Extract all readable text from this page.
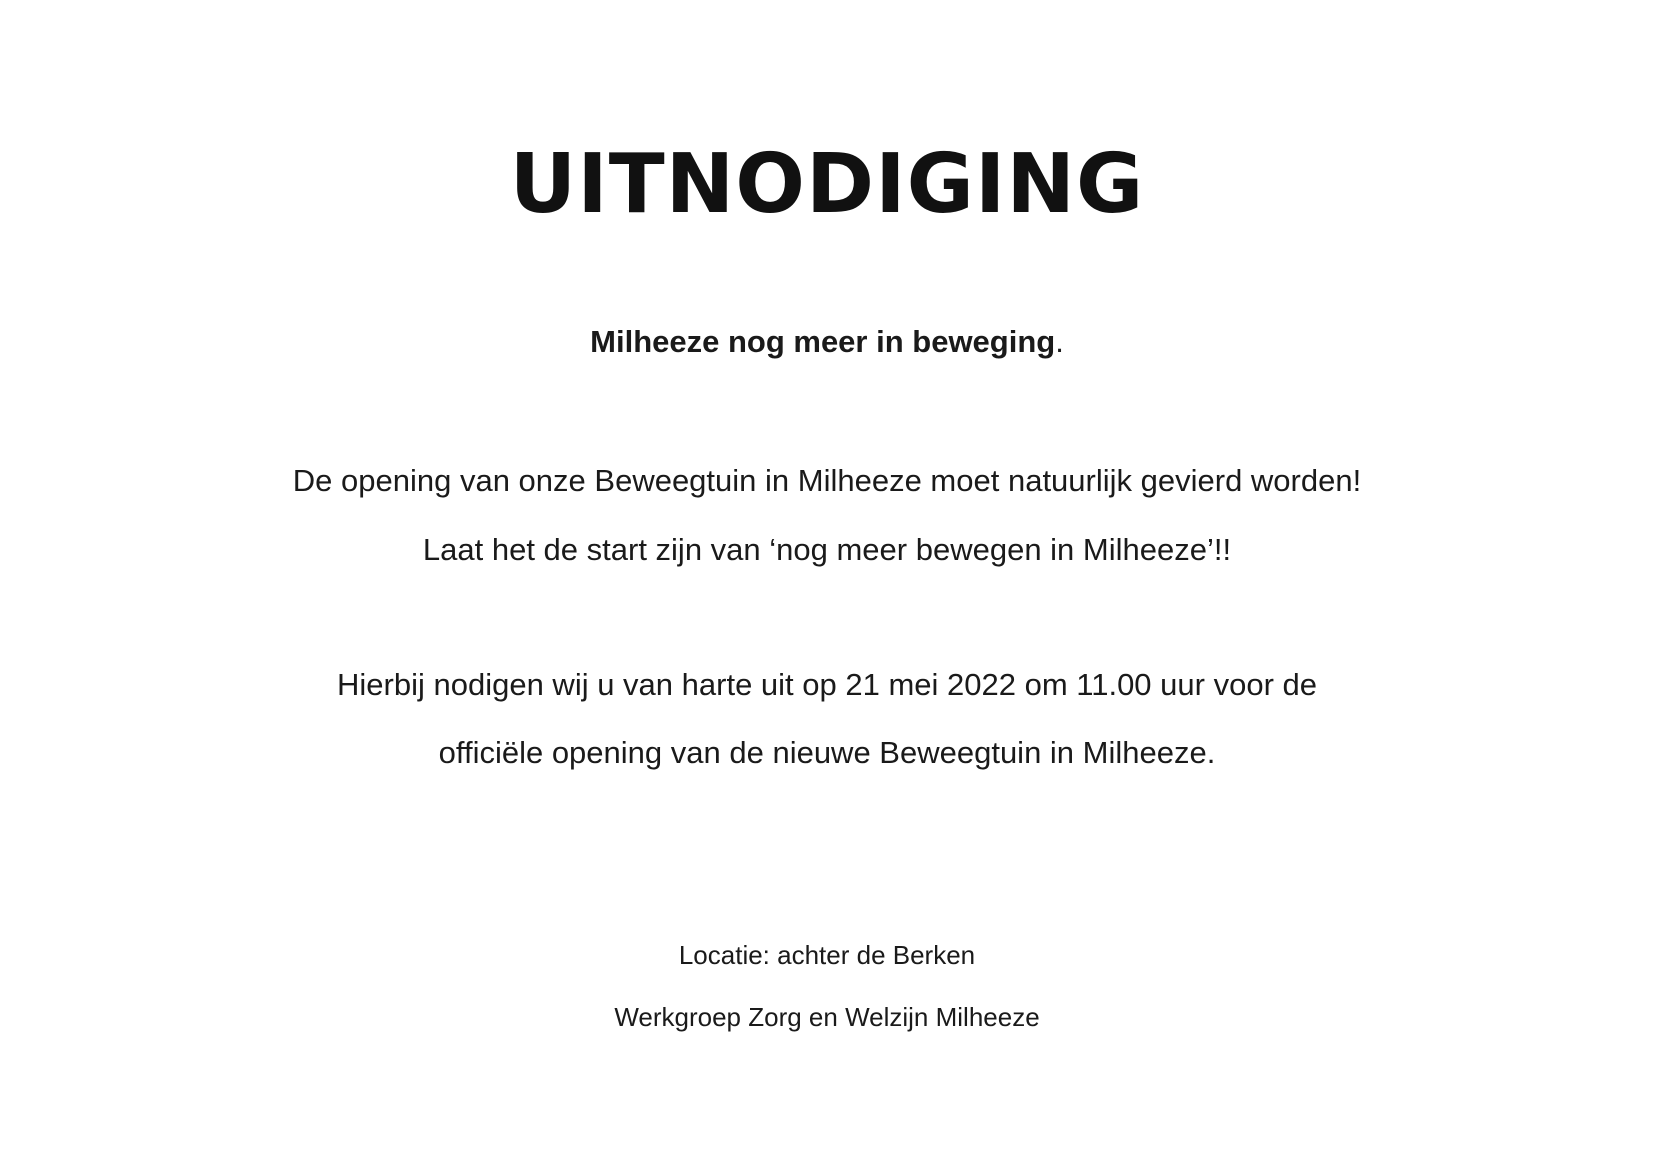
UITNODIGING

Milheeze nog meer in beweging.

De opening van onze Beweegtuin in Milheeze moet natuurlijk gevierd worden!

Laat het de start zijn van ‘nog meer bewegen in Milheeze’!!

Hierbij nodigen wij u van harte uit op 21 mei 2022 om 11.00 uur voor de

officiële opening van de nieuwe Beweegtuin in Milheeze.

Locatie: achter de Berken

Werkgroep Zorg en Welzijn Milheeze
